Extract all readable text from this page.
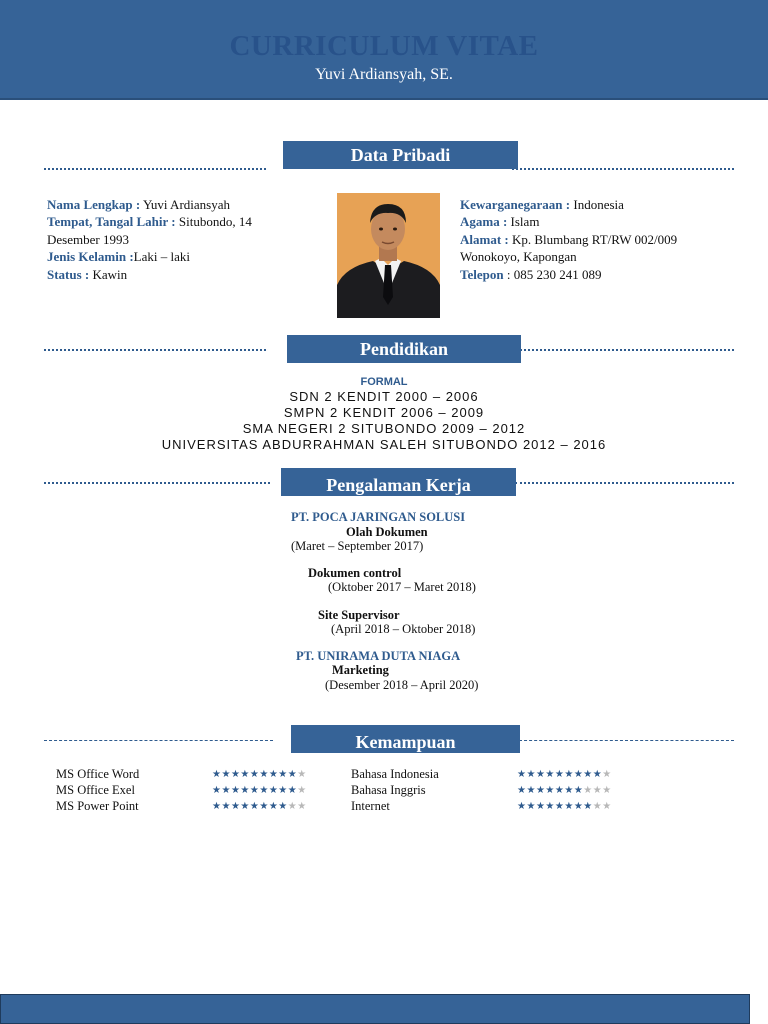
CURRICULUM VITAE
Yuvi Ardiansyah, SE.
Data Pribadi
Nama Lengkap : Yuvi Ardiansyah
Tempat, Tangal Lahir : Situbondo, 14
Desember 1993
Jenis Kelamin :Laki – laki
Status : Kawin
Kewarganegaraan : Indonesia
Agama : Islam
Alamat : Kp. Blumbang RT/RW 002/009
Wonokoyo, Kapongan
Telepon : 085 230 241 089
Pendidikan
FORMAL
SDN 2 KENDIT 2000 – 2006
SMPN 2 KENDIT 2006 – 2009
SMA NEGERI 2 SITUBONDO 2009 – 2012
UNIVERSITAS ABDURRAHMAN SALEH SITUBONDO 2012 – 2016
Pengalaman Kerja
PT. POCA JARINGAN SOLUSI
Olah Dokumen
(Maret – September 2017)
Dokumen control
(Oktober 2017 – Maret 2018)
Site Supervisor
(April 2018 – Oktober 2018)
PT. UNIRAMA DUTA NIAGA
Marketing
(Desember 2018 – April 2020)
Kemampuan
MS Office Word	★★★★★★★★★★
MS Office Exel	★★★★★★★★★★
MS Power Point	★★★★★★★★★★
Bahasa Indonesia	★★★★★★★★★★
Bahasa Inggris	★★★★★★★★★★
Internet	★★★★★★★★★★
